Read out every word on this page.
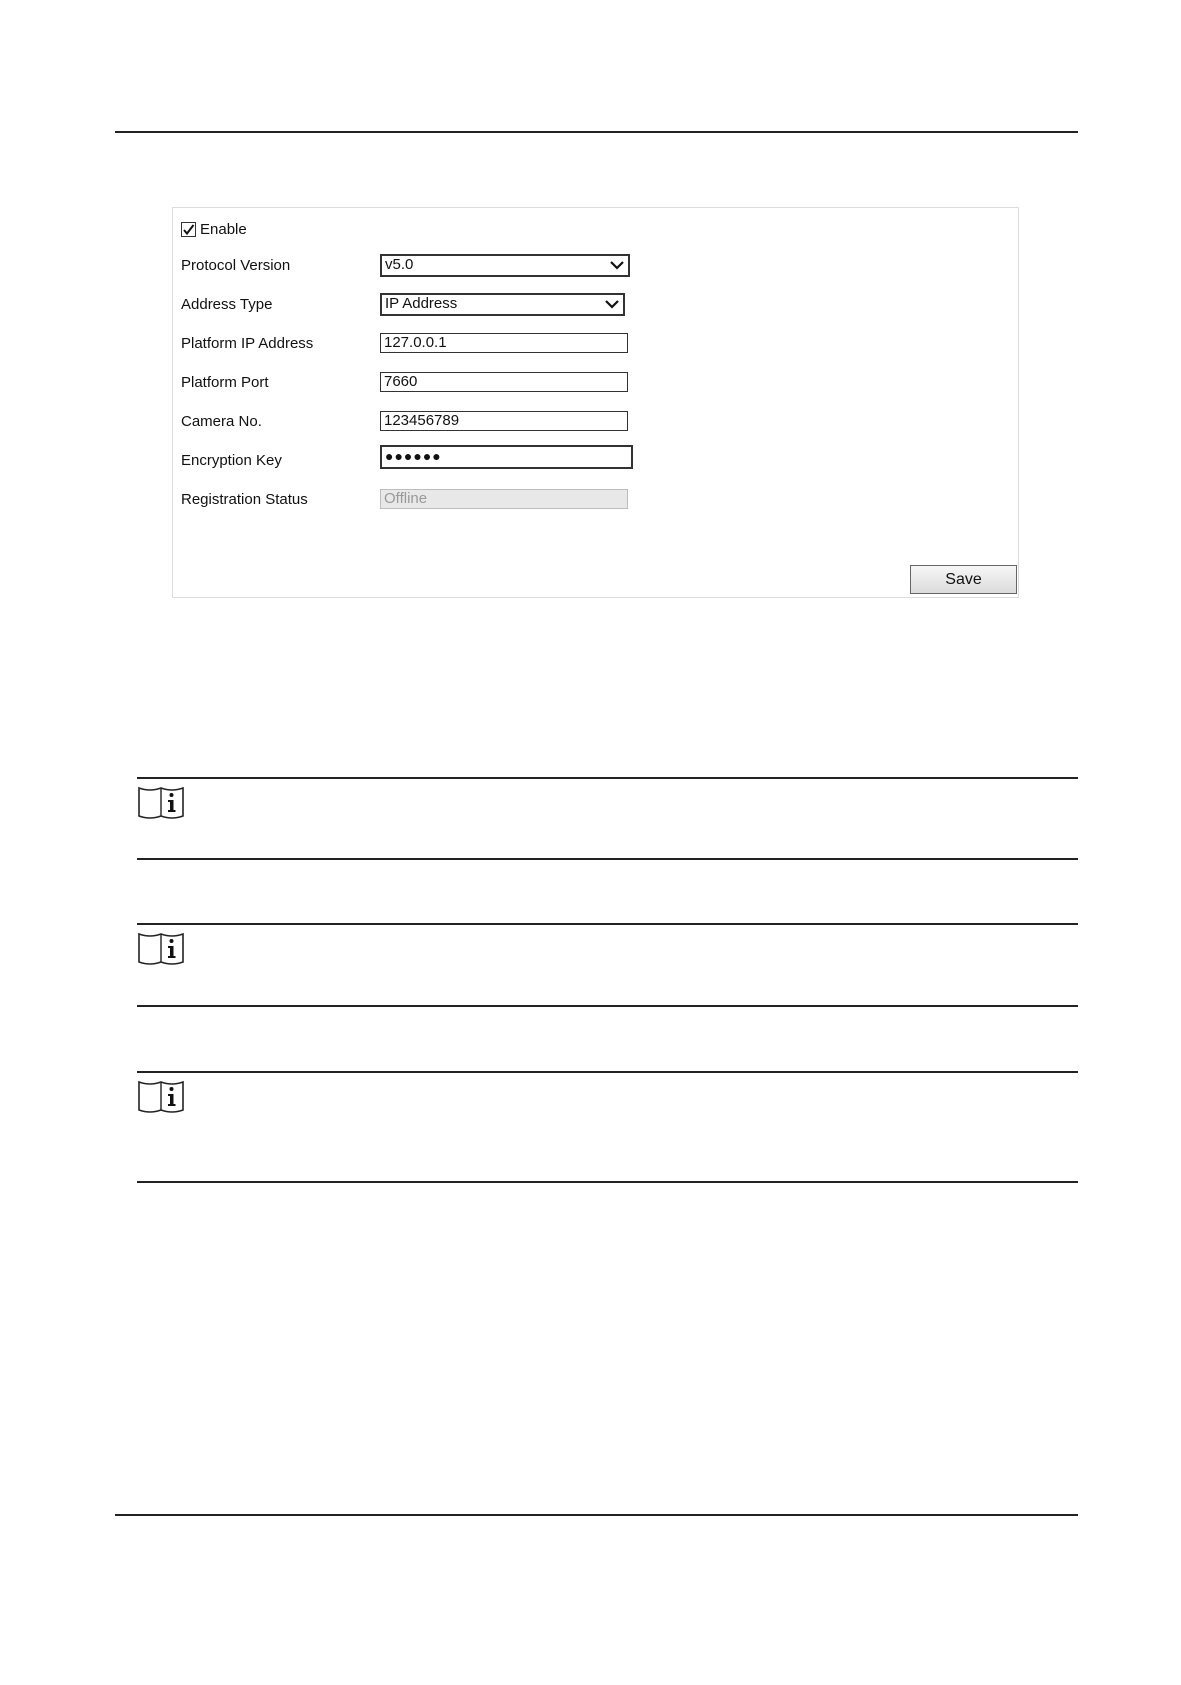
Enable
Protocol Version	v5.0
Address Type	IP Address
Platform IP Address	127.0.0.1
Platform Port	7660
Camera No.	123456789
Encryption Key	●●●●●●
Registration Status	Offline
Save
